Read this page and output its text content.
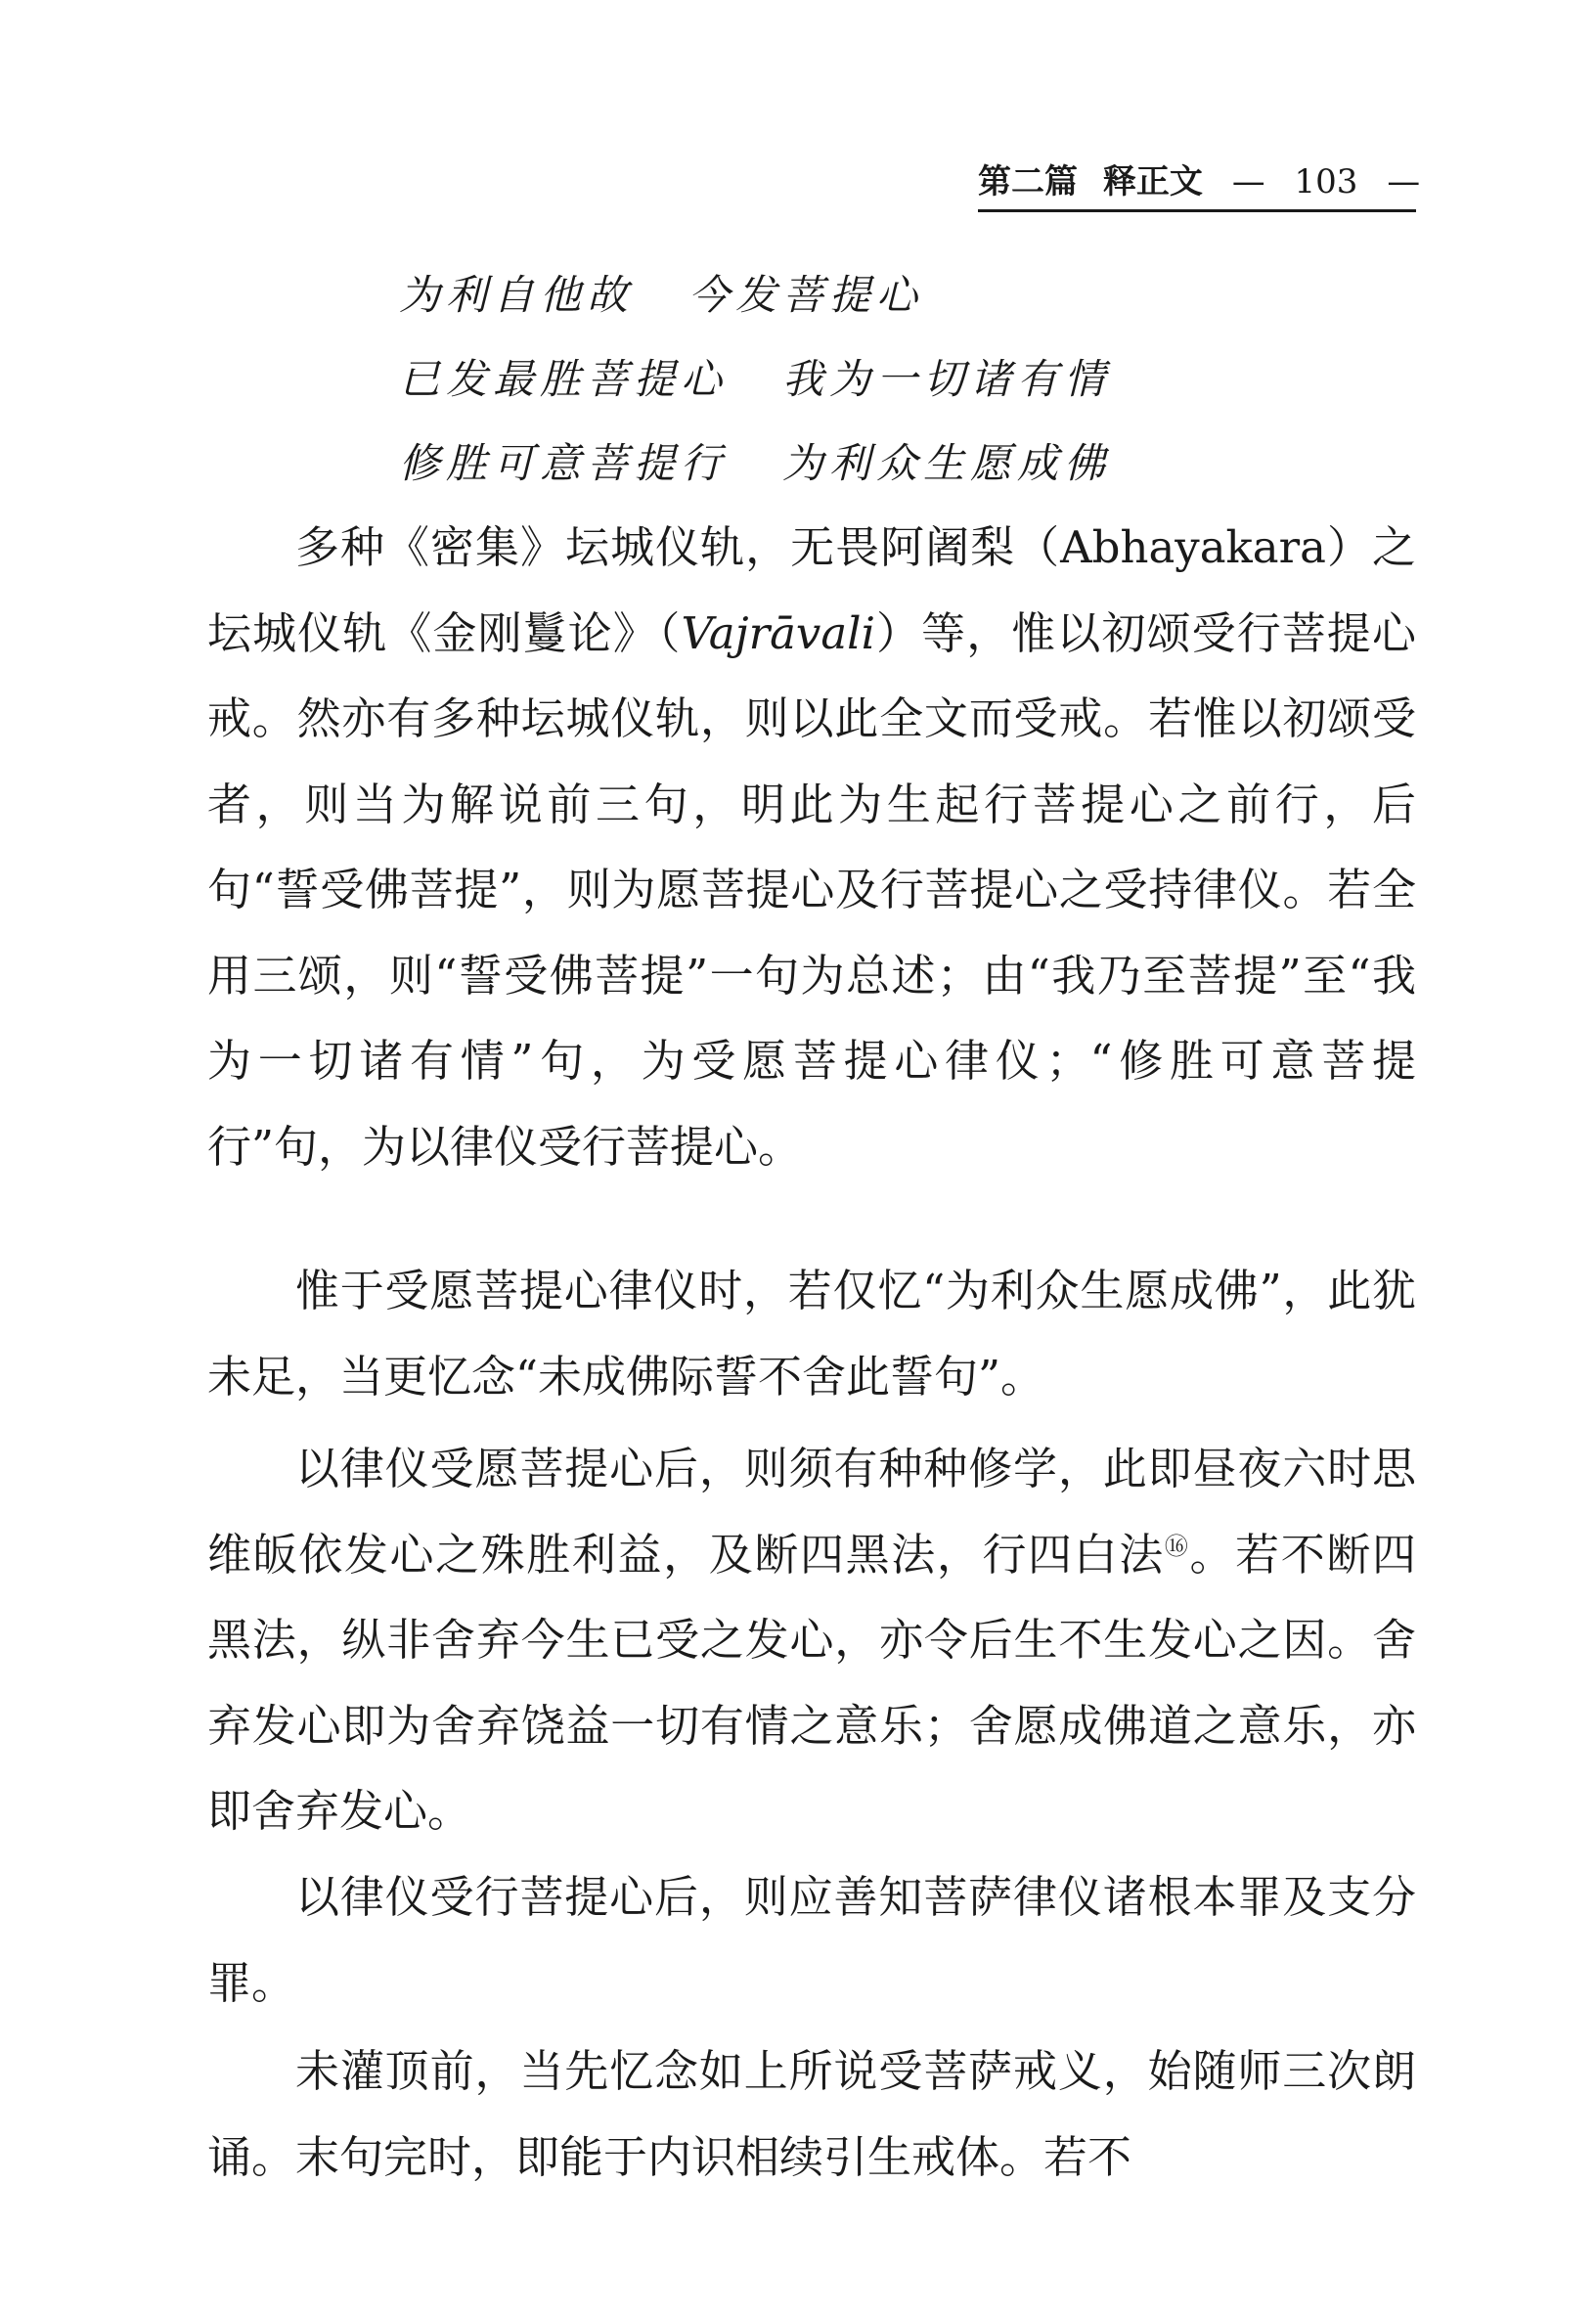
第二篇 释正文 — 103 —
为利自他故 今发菩提心
已发最胜菩提心 我为一切诸有情
修胜可意菩提行 为利众生愿成佛

多种《密集》坛城仪轨，无畏阿阇梨（Abhayakara）之坛城仪轨《金刚鬘论》（Vajrāvali）等，惟以初颂受行菩提心戒。然亦有多种坛城仪轨，则以此全文而受戒。若惟以初颂受者，则当为解说前三句，明此为生起行菩提心之前行，后句“誓受佛菩提”，则为愿菩提心及行菩提心之受持律仪。若全用三颂，则“誓受佛菩提”一句为总述；由“我乃至菩提”至“我为一切诸有情”句，为受愿菩提心律仪；“修胜可意菩提行”句，为以律仪受行菩提心。

惟于受愿菩提心律仪时，若仅忆“为利众生愿成佛”，此犹未足，当更忆念“未成佛际誓不舍此誓句”。

以律仪受愿菩提心后，则须有种种修学，此即昼夜六时思维皈依发心之殊胜利益，及断四黑法，行四白法⑯。若不断四黑法，纵非舍弃今生已受之发心，亦令后生不生发心之因。舍弃发心即为舍弃饶益一切有情之意乐；舍愿成佛道之意乐，亦即舍弃发心。

以律仪受行菩提心后，则应善知菩萨律仪诸根本罪及支分罪。

未灌顶前，当先忆念如上所说受菩萨戒义，始随师三次朗诵。末句完时，即能于内识相续引生戒体。若不
